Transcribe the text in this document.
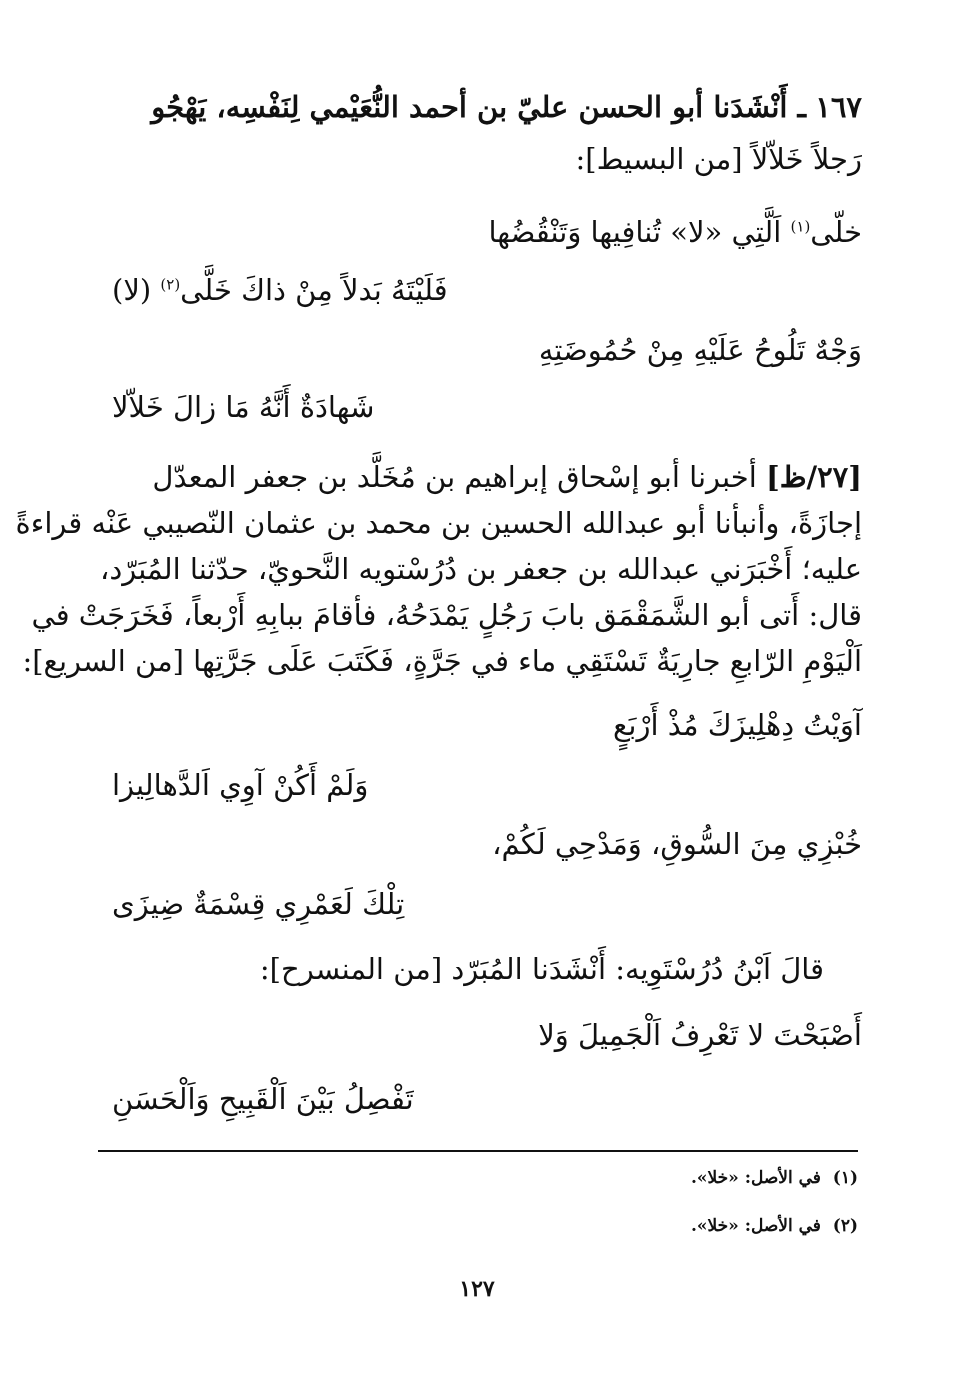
١٦٧ ـ أَنْشَدَنا أبو الحسن عليّ بن أحمد النُّعَيْمي لِنَفْسِه، يَهْجُو
رَجلاً خَلاّلاً [من البسيط]:
خلّى$^{(١)}$ اَلَّتِي «لا» تُنافِيها وَتَنْقُضُها
فَلَيْتَهُ بَدلاً مِنْ ذاكَ خَلَّى$^{(٢)}$ (لا)
وَجْهٌ تَلُوحُ عَلَيْهِ مِنْ حُمُوضَتِهِ
شَهادَةٌ أَنَّهُ مَا زالَ خَلاّلا
[٢٧/ظ] أخبرنا أبو إسْحاق إبراهيم بن مُخَلَّد بن جعفر المعدّل
إجازَةً، وأنبأنا أبو عبدالله الحسين بن محمد بن عثمان النّصيبي عَنْه قراءةً
عليه؛ أَخْبَرَني عبدالله بن جعفر بن دُرُسْتويه النَّحويّ، حدّثنا المُبَرّد،
قال: أَتى أبو الشَّمَقْمَق بابَ رَجُلٍ يَمْدَحُهُ، فأقامَ ببابِهِ أَرْبعاً، فَخَرَجَتْ في
اَلْيَوْمِ الرّابعِ جارِيَةٌ تَسْتَقِي ماء في جَرَّةٍ، فَكَتَبَ عَلَى جَرَّتِها [من السريع]:
آوَيْتُ دِهْلِيزَكَ مُذْ أَرْبَعٍ
وَلَمْ أَكُنْ آوِي اَلدَّهالِيزا
خُبْزِي مِنَ السُّوقِ، وَمَدْحِي لَكُمْ،
تِلْكَ لَعَمْرِي قِسْمَةٌ ضِيزَى
قالَ اَبْنُ دُرُسْتَوِيه: أَنْشَدَنا المُبَرّد [من المنسرح]:
أَصْبَحْتَ لا تَعْرِفُ اَلْجَمِيلَ وَلا
تَفْصِلُ بَيْنَ اَلْقَبِيحِ وَاَلْحَسَنِ
(١)  في الأصل: «خلا».
(٢)  في الأصل: «خلا».
١٢٧
